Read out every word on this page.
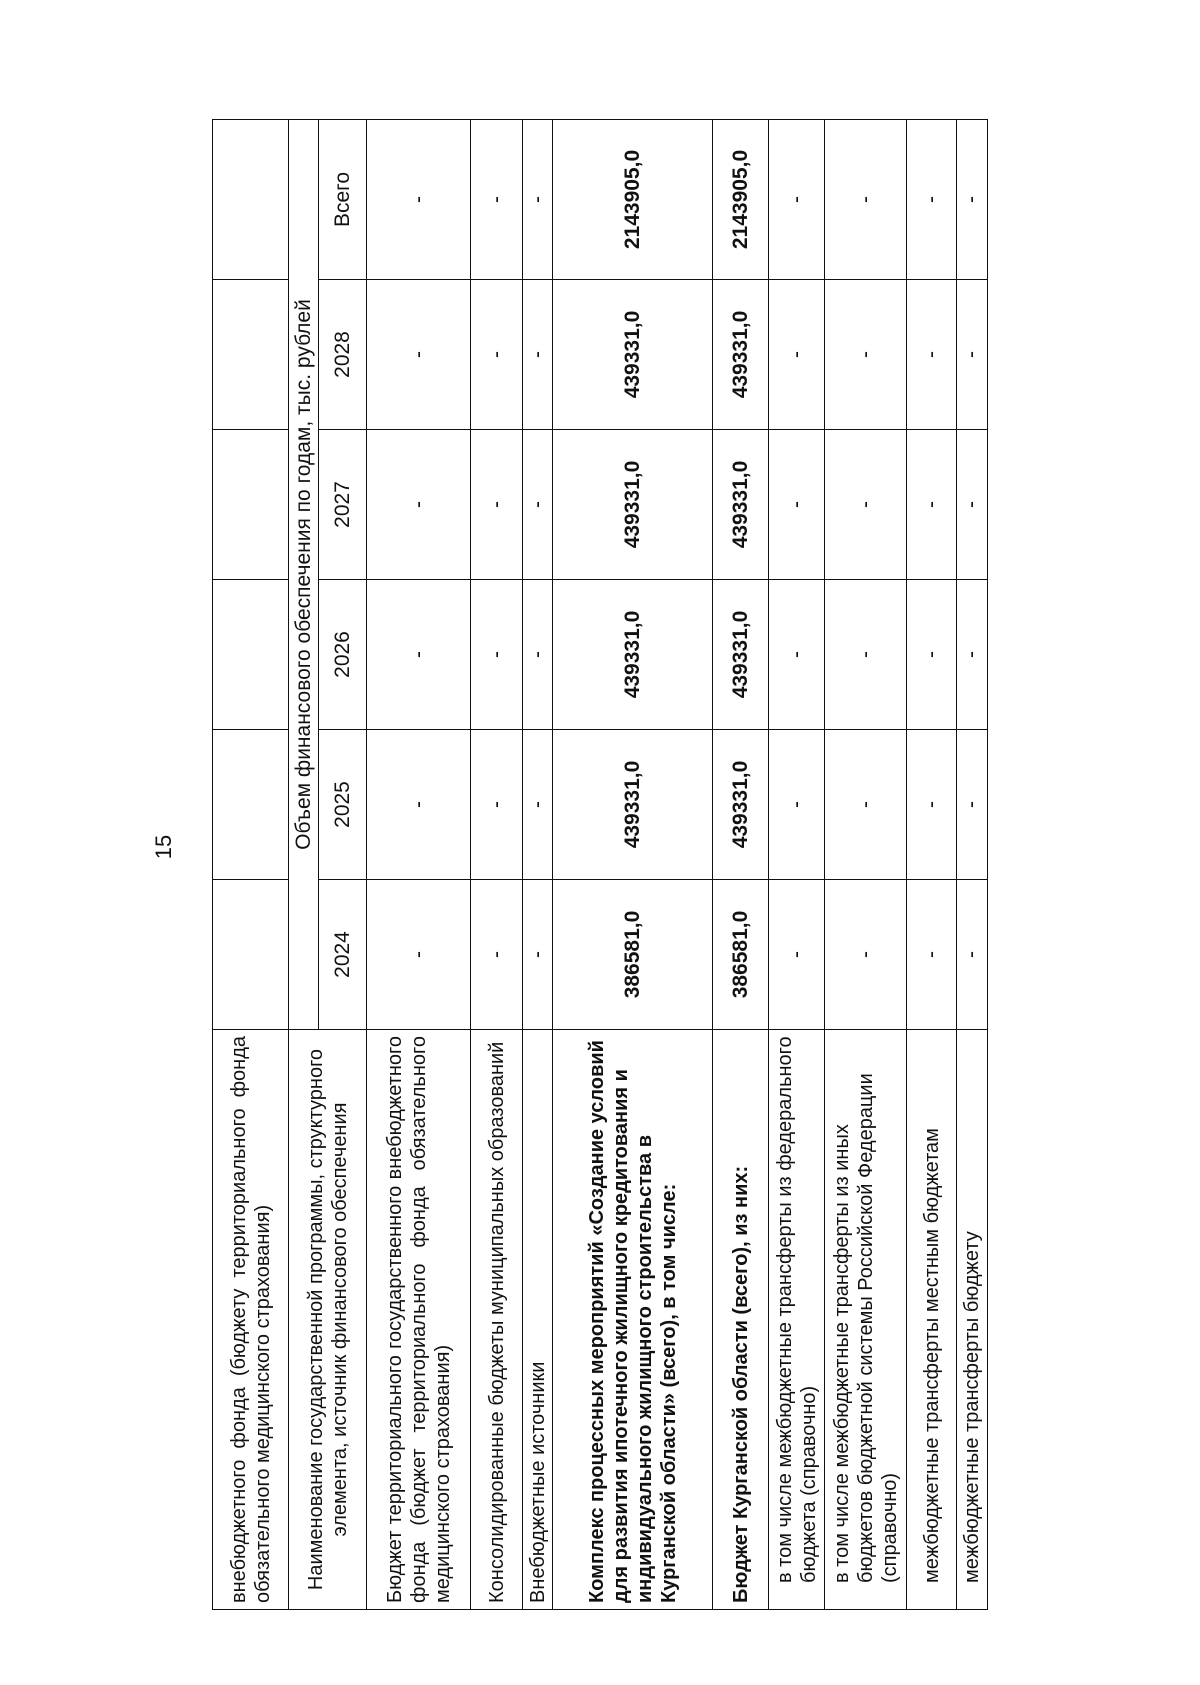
15
внебюджетного фонда (бюджету территориального фонда обязательного медицинского страхования)						
Наименование государственной программы, структурного элемента, источник финансового обеспечения	Объем финансового обеспечения по годам, тыс. рублей					
	2024	2025	2026	2027	2028	Всего
Бюджет территориального государственного внебюджетного фонда (бюджет территориального фонда обязательного медицинского страхования)	-	-	-	-	-	-
Консолидированные бюджеты муниципальных образований	-	-	-	-	-	-
Внебюджетные источники	-	-	-	-	-	-
Комплекс процессных мероприятий «Создание условий для развития ипотечного жилищного кредитования и индивидуального жилищного строительства в Курганской области» (всего), в том числе:	386581,0	439331,0	439331,0	439331,0	439331,0	2143905,0
Бюджет Курганской области (всего), из них:	386581,0	439331,0	439331,0	439331,0	439331,0	2143905,0
в том числе межбюджетные трансферты из федерального бюджета (справочно)	-	-	-	-	-	-
в том числе межбюджетные трансферты из иных бюджетов бюджетной системы Российской Федерации (справочно)	-	-	-	-	-	-
межбюджетные трансферты местным бюджетам	-	-	-	-	-	-
межбюджетные трансферты бюджету	-	-	-	-	-	-
